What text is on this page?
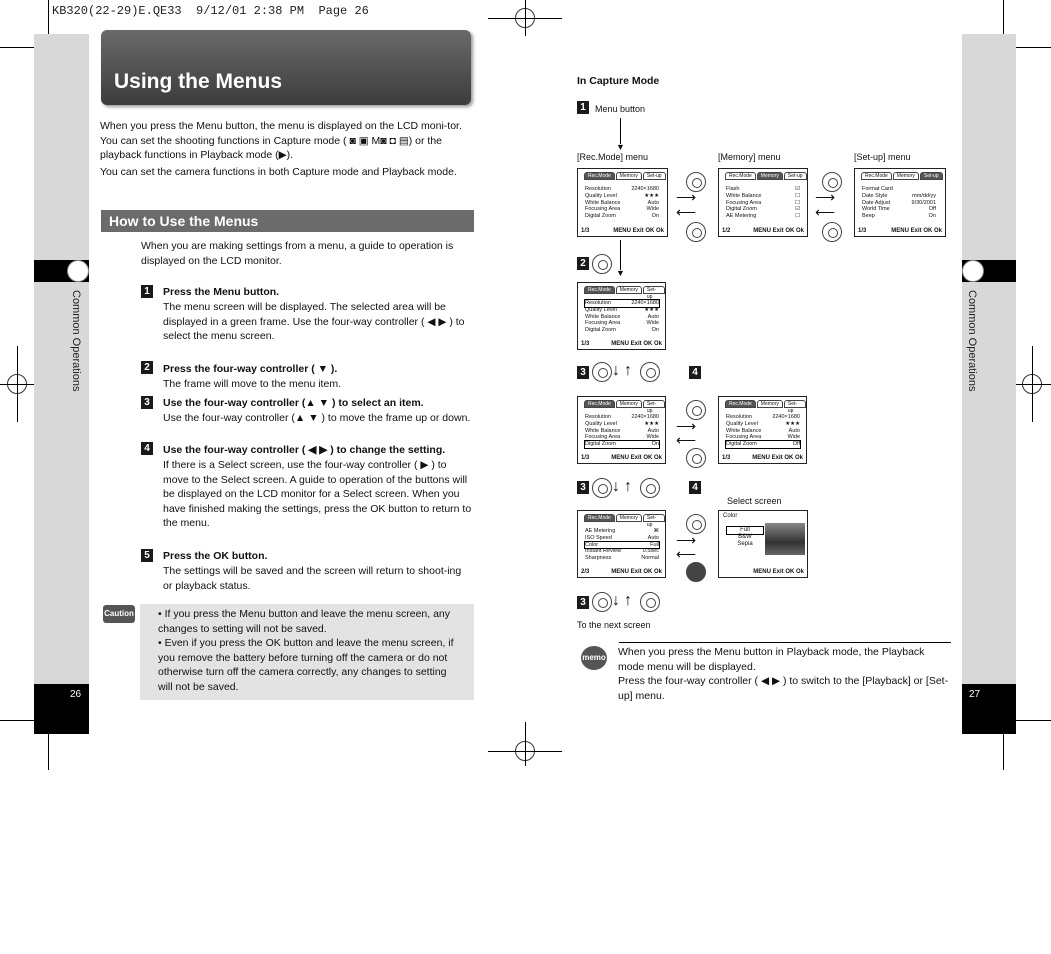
KB320(22-29)E.QE33  9/12/01 2:38 PM  Page 26
Common Operations
26
Common Operations
27
Using the Menus
When you press the Menu button, the menu is displayed on the LCD moni-tor. You can set the shooting functions in Capture mode ( ◙ ▣ M◙ ◘ ▤) or the playback functions in Playback mode (▶).
You can set the camera functions in both Capture mode and Playback mode.
How to Use the Menus
When you are making settings from a menu, a guide to operation is displayed on the LCD monitor.
1	Press the Menu button.
The menu screen will be displayed. The selected area will be displayed in a green frame. Use the four-way controller ( ◀ ▶ ) to select the menu screen.
2	Press the four-way controller ( ▼ ).
The frame will move to the menu item.
3	Use the four-way controller (▲ ▼ ) to select an item.
Use the four-way controller (▲ ▼ ) to move the frame up or down.
4	Use the four-way controller ( ◀ ▶ ) to change the setting.
If there is a Select screen, use the four-way controller ( ▶ ) to move to the Select screen. A guide to operation of the buttons will be displayed on the LCD monitor for a Select screen. When you have finished making the settings, press the OK button to return to the menu.
5	Press the OK button.
The settings will be saved and the screen will return to shoot-ing or playback status.
Caution • If you press the Menu button and leave the menu screen, any changes to setting will not be saved.
• Even if you press the OK button and leave the menu screen, if you remove the battery before turning off the camera or do not otherwise turn off the camera correctly, any changes to setting will not be saved.
In Capture Mode
1	Menu button
▼
[Rec.Mode] menu	[Memory] menu	[Set-up] menu
Rec.Mode	Memory	Set-up
Resolution	2240×1680
Quality Level	★★★
White Balance	Auto
Focusing Area	Wide
Digital Zoom	On
1/3	MENU Exit OK Ok
⟶
⟵
Rec.Mode	Memory	Set-up
Flash	☑
White Balance	☐
Focusing Area	☐
Digital Zoom	☑
AE Metering	☐
1/2	MENU Exit OK Ok
⟶
⟵
Rec.Mode	Memory	Set-up
Format Card
Date Style	mm/dd/yy
Date Adjust	9/30/2001
World Time	Off
Beep	On
1/3	MENU Exit OK Ok
2
▼
Rec.Mode	Memory	Set-up
Resolution	2240×1680
Quality Level	★★★
White Balance	Auto
Focusing Area	Wide
Digital Zoom	On
1/3	MENU Exit OK Ok
3 ↓ ↑	4
Rec.Mode	Memory	Set-up
Resolution	2240×1680
Quality Level	★★★
White Balance	Auto
Focusing Area	Wide
Digital Zoom	On
1/3	MENU Exit OK Ok
⟶
⟵
Rec.Mode	Memory	Set-up
Resolution	2240×1680
Quality Level	★★★
White Balance	Auto
Focusing Area	Wide
Digital Zoom	Off
1/3	MENU Exit OK Ok
3 ↓ ↑	4
Select screen
Rec.Mode	Memory	Set-up
AE Metering	⌘
ISO Speed	Auto
Color	Full
Instant Review	0.5sec
Sharpness	Normal
2/3	MENU Exit OK Ok
⟶
⟵
Color
Full
B&W
Sepia
MENU Exit OK Ok
3 ↓ ↑
To the next screen
memo When you press the Menu button in Playback mode, the Playback mode menu will be displayed.
Press the four-way controller ( ◀ ▶ ) to switch to the [Playback] or [Set-up] menu.
